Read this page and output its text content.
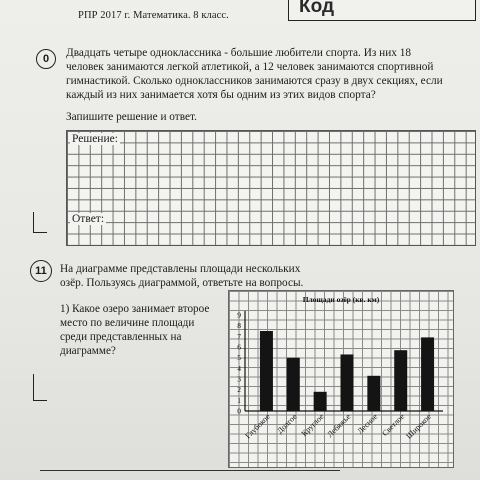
РПР 2017 г. Математика. 8 класс.	Код
0 Двадцать четыре одноклассника - большие любители спорта. Из них 18
человек занимаются легкой атлетикой, а 12 человек занимаются спортивной
гимнастикой. Сколько одноклассников занимаются сразу в двух секциях, если
каждый из них занимается хотя бы одним из этих видов спорта?
Запишите решение и ответ.
Решение:
Ответ:
11 На диаграмме представлены площади нескольких
озёр. Пользуясь диаграммой, ответьте на вопросы.
1) Какое озеро занимает второе
место по величине площади
среди представленных на
диаграмме?
Площади озёр (кв. км)
0
1
2
3
4
5
6
7
8
9
Глубокое Долгое Круглое Лебяжье Лесное Светлое
Широкое
